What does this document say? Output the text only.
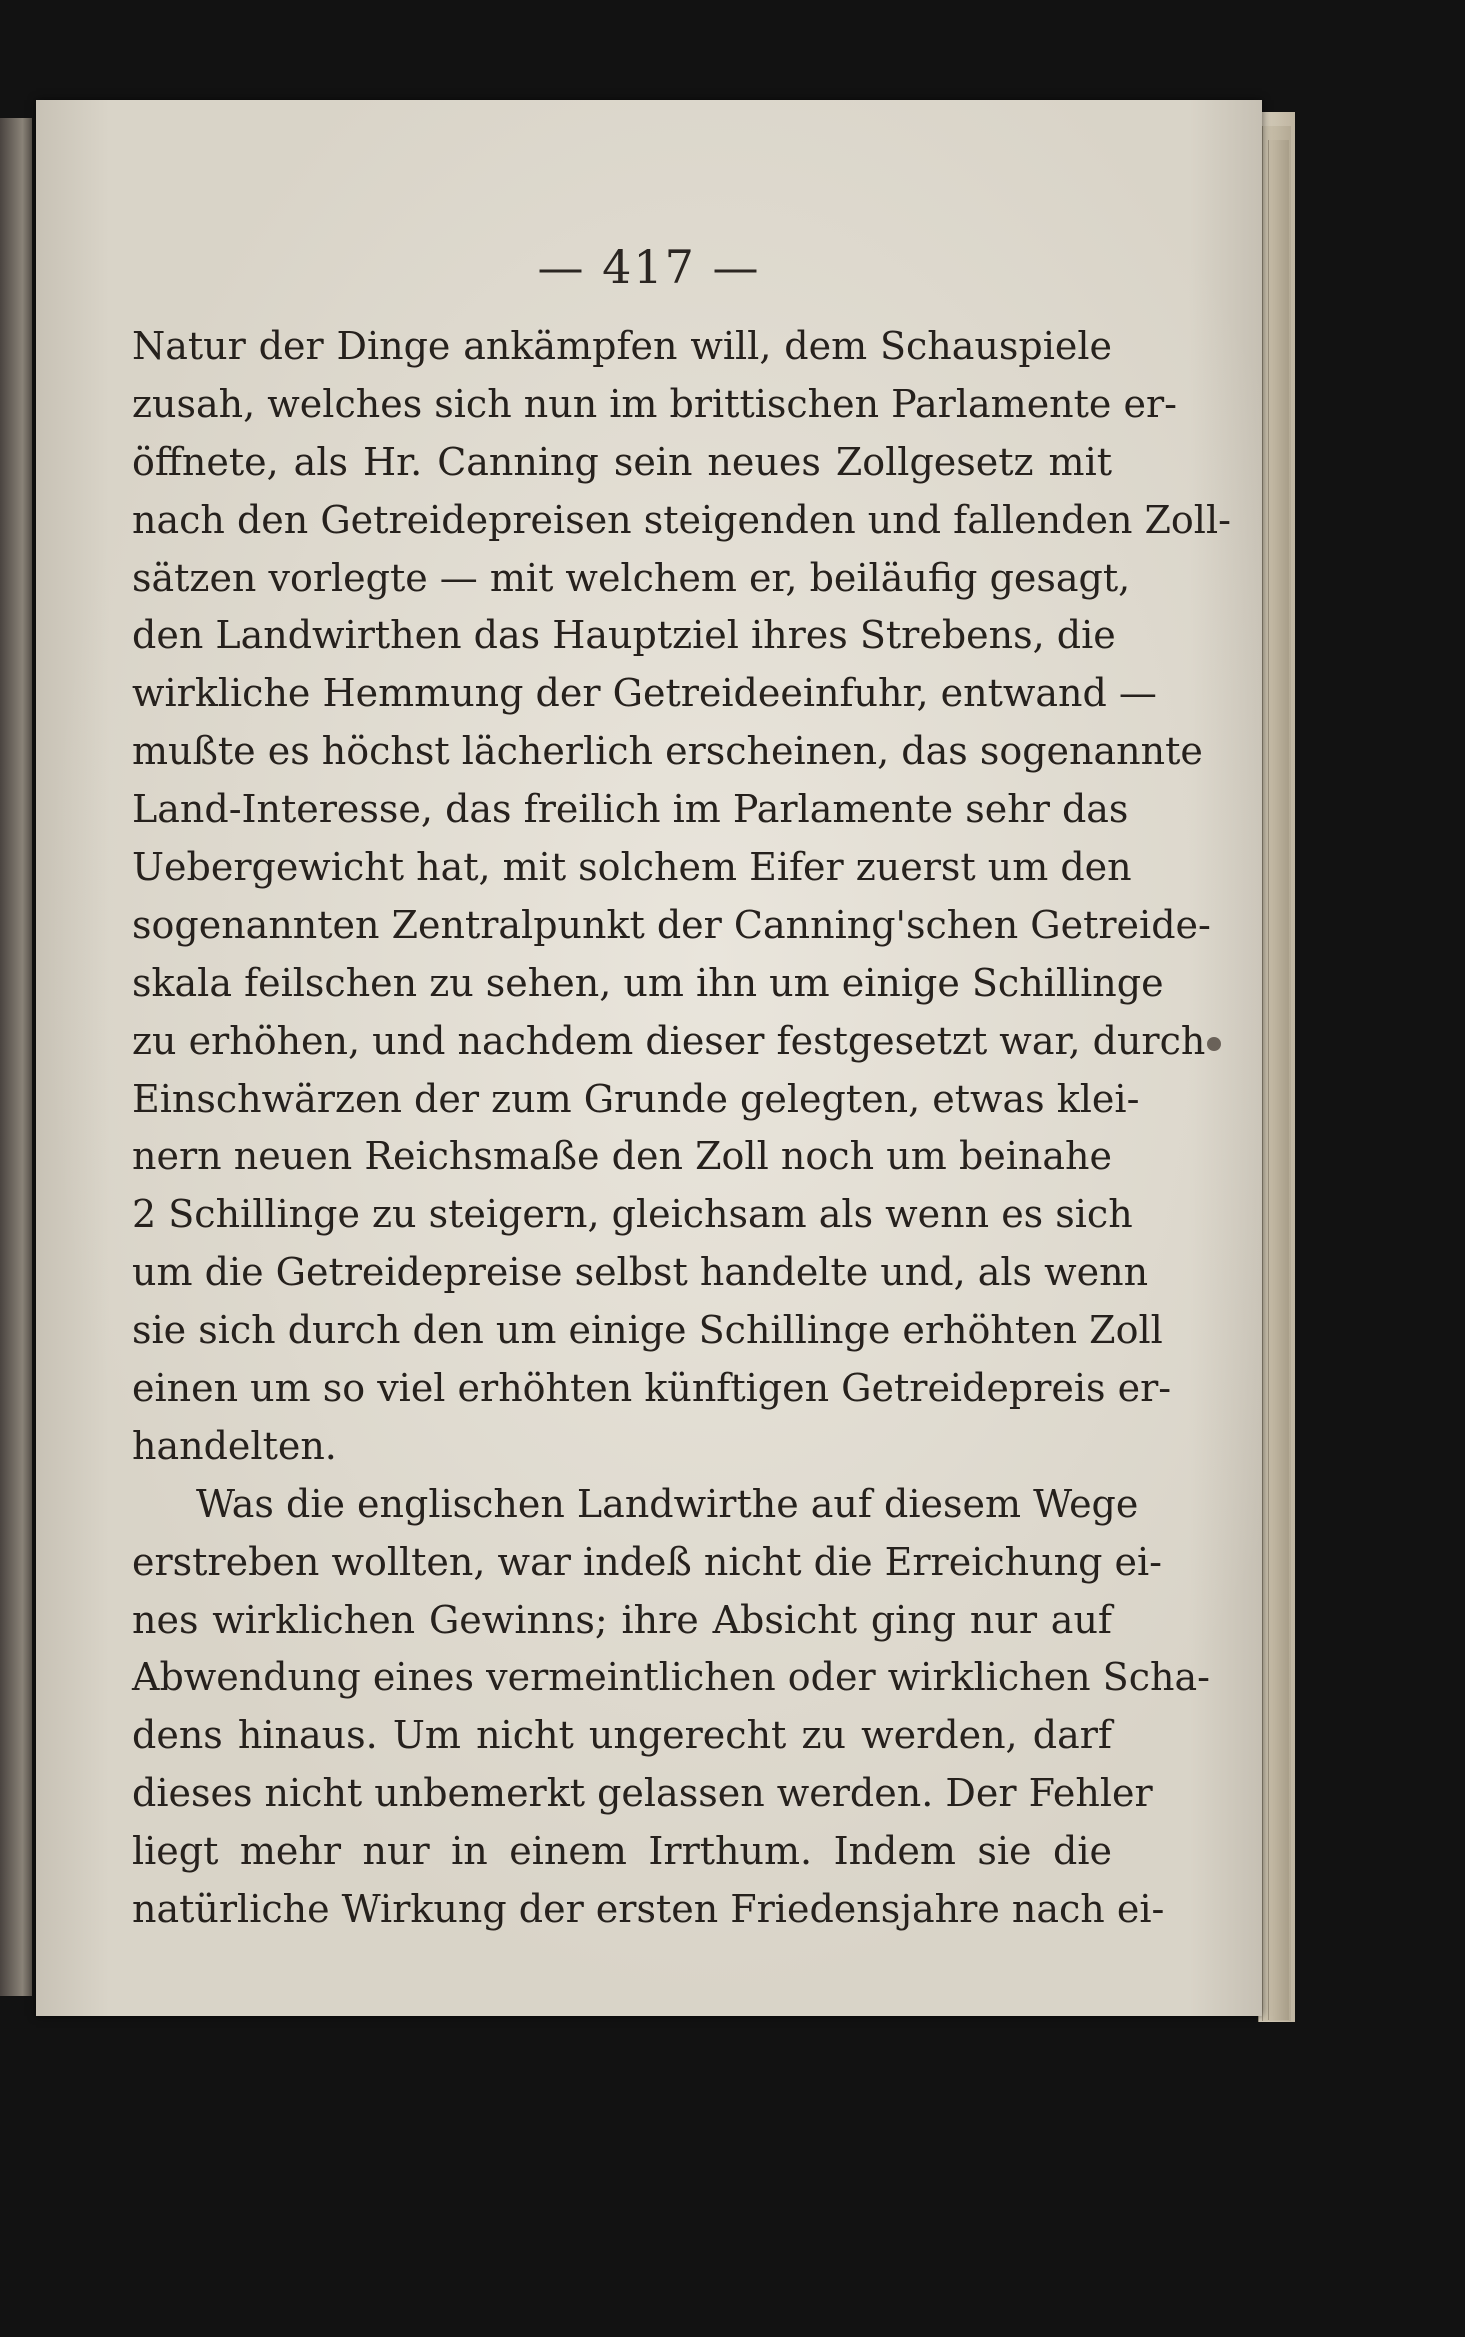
— 417 —
Natur der Dinge ankämpfen will, dem Schauspiele
zusah, welches sich nun im brittischen Parlamente er-
öffnete, als Hr. Canning sein neues Zollgesetz mit
nach den Getreidepreisen steigenden und fallenden Zoll-
sätzen vorlegte — mit welchem er, beiläufig gesagt,
den Landwirthen das Hauptziel ihres Strebens, die
wirkliche Hemmung der Getreideeinfuhr, entwand —
mußte es höchst lächerlich erscheinen, das sogenannte
Land-Interesse, das freilich im Parlamente sehr das
Uebergewicht hat, mit solchem Eifer zuerst um den
sogenannten Zentralpunkt der Canning'schen Getreide-
skala feilschen zu sehen, um ihn um einige Schillinge
zu erhöhen, und nachdem dieser festgesetzt war, durch
Einschwärzen der zum Grunde gelegten, etwas klei-
nern neuen Reichsmaße den Zoll noch um beinahe
2 Schillinge zu steigern, gleichsam als wenn es sich
um die Getreidepreise selbst handelte und, als wenn
sie sich durch den um einige Schillinge erhöhten Zoll
einen um so viel erhöhten künftigen Getreidepreis er-
handelten.
Was die englischen Landwirthe auf diesem Wege
erstreben wollten, war indeß nicht die Erreichung ei-
nes wirklichen Gewinns; ihre Absicht ging nur auf
Abwendung eines vermeintlichen oder wirklichen Scha-
dens hinaus. Um nicht ungerecht zu werden, darf
dieses nicht unbemerkt gelassen werden. Der Fehler
liegt mehr nur in einem Irrthum. Indem sie die
natürliche Wirkung der ersten Friedensjahre nach ei-
